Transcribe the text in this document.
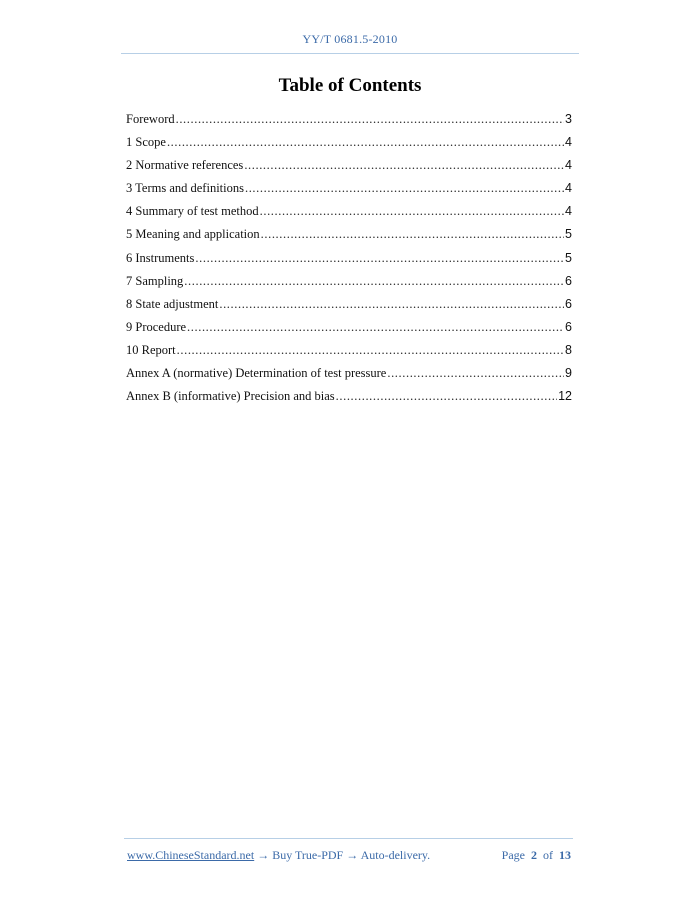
YY/T 0681.5-2010
Table of Contents
Foreword .....	3
1 Scope .....	4
2 Normative references .....	4
3 Terms and definitions .....	4
4 Summary of test method .....	4
5 Meaning and application .....	5
6 Instruments .....	5
7 Sampling .....	6
8 State adjustment .....	6
9 Procedure .....	6
10 Report .....	8
Annex A (normative) Determination of test pressure .....	9
Annex B (informative) Precision and bias .....	12
www.ChineseStandard.net → Buy True-PDF → Auto-delivery.	Page 2 of 13
